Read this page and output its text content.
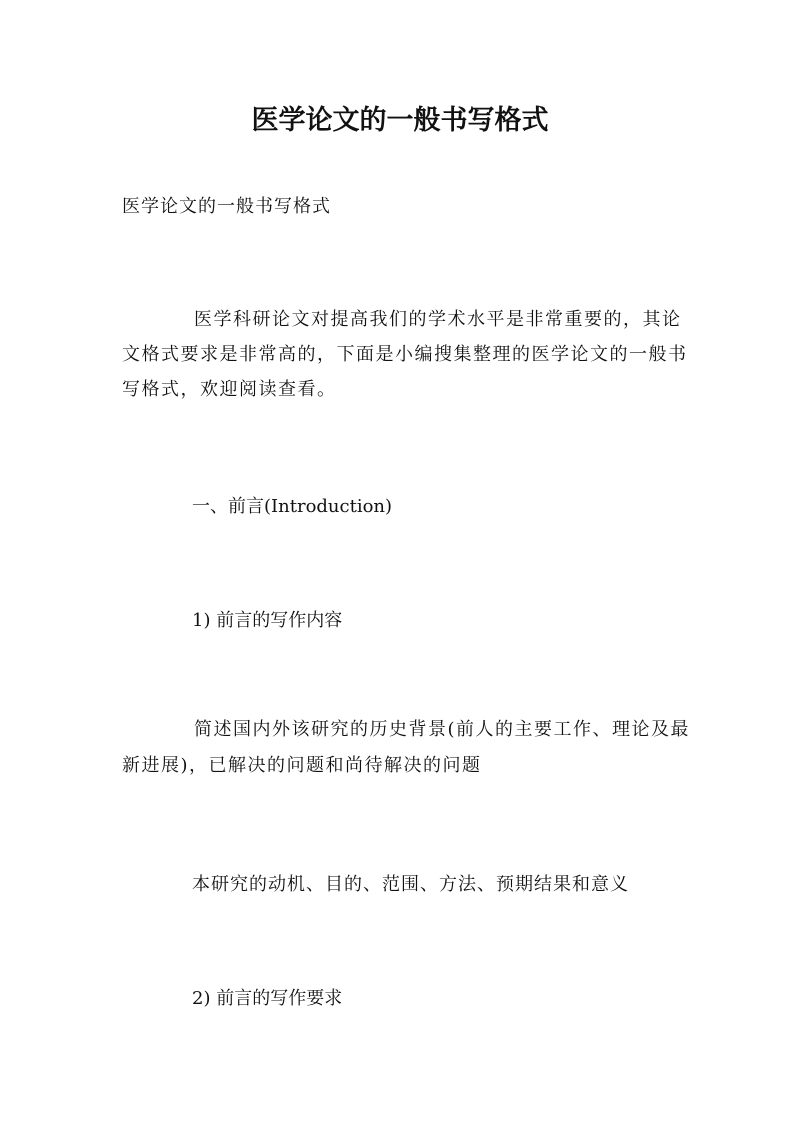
医学论文的一般书写格式

医学论文的一般书写格式

医学科研论文对提高我们的学术水平是非常重要的，其论文格式要求是非常高的，下面是小编搜集整理的医学论文的一般书写格式，欢迎阅读查看。

一、前言(Introduction)

1) 前言的写作内容

简述国内外该研究的历史背景(前人的主要工作、理论及最新进展)，已解决的问题和尚待解决的问题

本研究的动机、目的、范围、方法、预期结果和意义

2) 前言的写作要求
